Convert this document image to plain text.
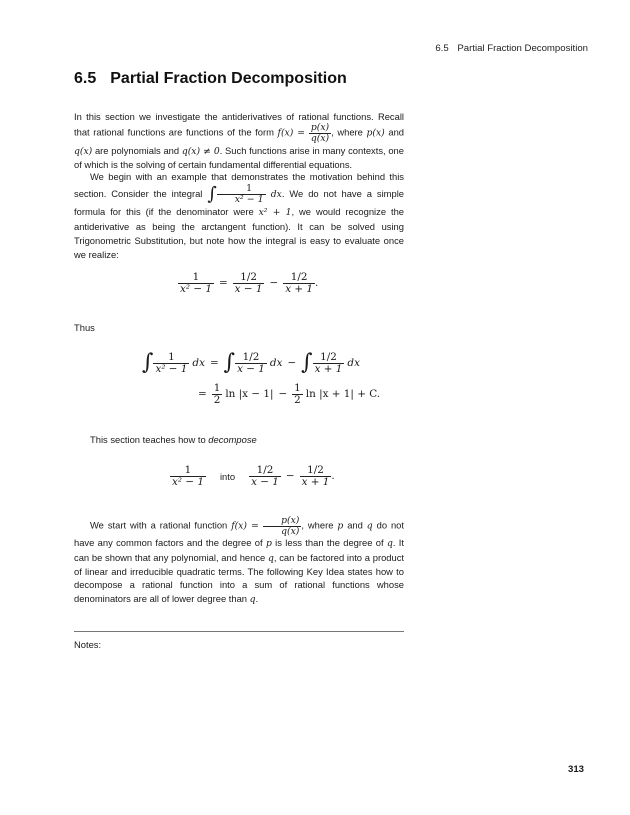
6.5 Partial Fraction Decomposition
6.5 Partial Fraction Decomposition

In this section we investigate the antiderivatives of rational functions. Recall that rational functions are functions of the form $f(x) = \frac{p(x)}{q(x)}$ , where p(x) and q(x) are polynomials and q(x) ≠ 0. Such functions arise in many contexts, one of which is the solving of certain fundamental differential equations.

We begin with an example that demonstrates the motivation behind this section. Consider the integral ∫ $\frac{1}{\text{x² − 1}}$ dx. We do not have a simple formula for this (if the denominator were x² + 1, we would recognize the antiderivative as being the arctangent function). It can be solved using Trigonometric Substitution, but note how the integral is easy to evaluate once we realize:

$\frac{1}{\text{x² − 1}} = \frac{1/2}{x - 1} - \frac{1/2}{x + 1}$ .
Thus
∫ $\frac{1}{\text{x² − 1}}$ dx = ∫ $\frac{1/2}{x - 1}$ dx − ∫ $\frac{1/2}{x + 1}$ dx
= $\frac{1}{2}$ $\ln |x - 1| - \frac{1}{2}$ ln |x + 1| + C.

This section teaches how to decompose

$\frac{1}{\text{x² − 1}}$ into $\frac{1/2}{x - 1} - \frac{1/2}{x + 1}$ .

We start with a rational function $f(x) = \frac{p(x)}{q(x)}$ , where p and q do not have any common factors and the degree of p is less than the degree of q. It can be shown that any polynomial, and hence q, can be factored into a product of linear and irreducible quadratic terms. The following Key Idea states how to decompose a rational function into a sum of rational functions whose denominators are all of lower degree than q.

Notes:
313
